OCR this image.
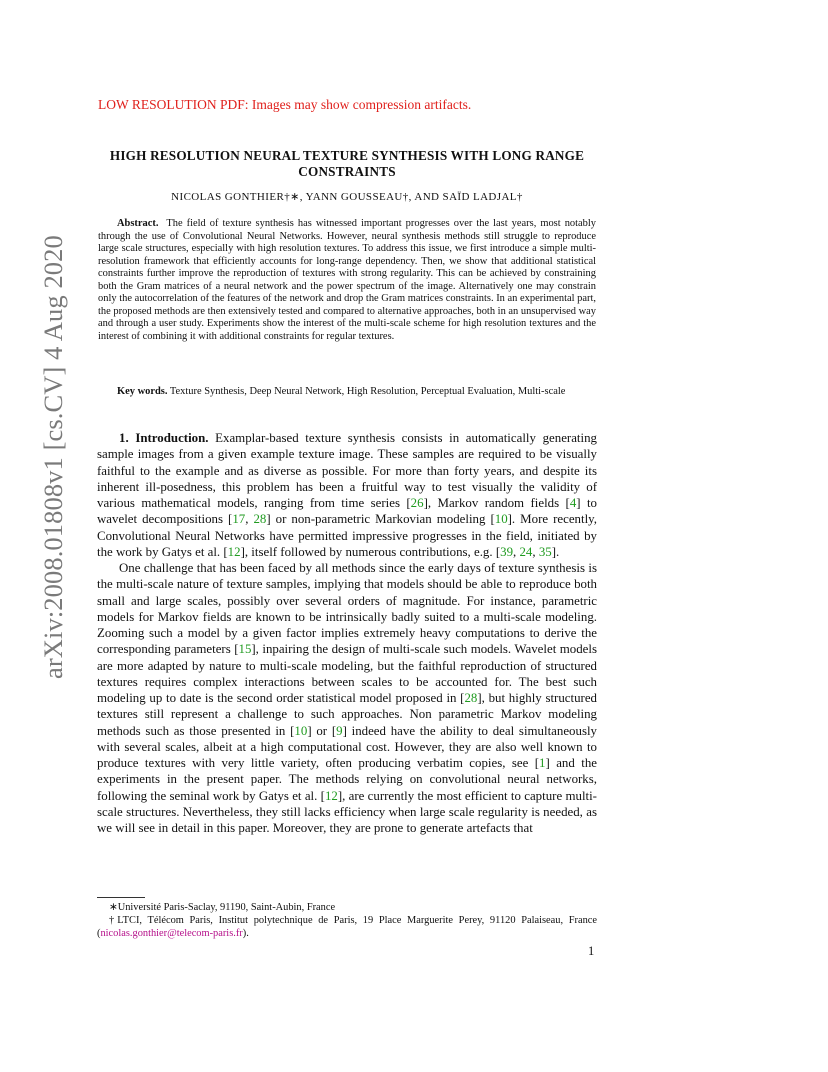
LOW RESOLUTION PDF: Images may show compression artifacts.
HIGH RESOLUTION NEURAL TEXTURE SYNTHESIS WITH LONG RANGE CONSTRAINTS
NICOLAS GONTHIER†∗, YANN GOUSSEAU†, AND SAÏD LADJAL†
Abstract. The field of texture synthesis has witnessed important progresses over the last years, most notably through the use of Convolutional Neural Networks. However, neural synthesis methods still struggle to reproduce large scale structures, especially with high resolution textures. To address this issue, we first introduce a simple multi-resolution framework that efficiently accounts for long-range dependency. Then, we show that additional statistical constraints further improve the reproduction of textures with strong regularity. This can be achieved by constraining both the Gram matrices of a neural network and the power spectrum of the image. Alternatively one may constrain only the autocorrelation of the features of the network and drop the Gram matrices constraints. In an experimental part, the proposed methods are then extensively tested and compared to alternative approaches, both in an unsupervised way and through a user study. Experiments show the interest of the multi-scale scheme for high resolution textures and the interest of combining it with additional constraints for regular textures.
Key words. Texture Synthesis, Deep Neural Network, High Resolution, Perceptual Evaluation, Multi-scale

1. Introduction. Examplar-based texture synthesis consists in automatically generating sample images from a given example texture image. These samples are required to be visually faithful to the example and as diverse as possible. For more than forty years, and despite its inherent ill-posedness, this problem has been a fruitful way to test visually the validity of various mathematical models, ranging from time series [26], Markov random fields [4] to wavelet decompositions [17, 28] or non-parametric Markovian modeling [10]. More recently, Convolutional Neural Networks have permitted impressive progresses in the field, initiated by the work by Gatys et al. [12], itself followed by numerous contributions, e.g. [39, 24, 35].

One challenge that has been faced by all methods since the early days of texture synthesis is the multi-scale nature of texture samples, implying that models should be able to reproduce both small and large scales, possibly over several orders of magnitude. For instance, parametric models for Markov fields are known to be intrinsically badly suited to a multi-scale modeling. Zooming such a model by a given factor implies extremely heavy computations to derive the corresponding parameters [15], inpairing the design of multi-scale such models. Wavelet models are more adapted by nature to multi-scale modeling, but the faithful reproduction of structured textures requires complex interactions between scales to be accounted for. The best such modeling up to date is the second order statistical model proposed in [28], but highly structured textures still represent a challenge to such approaches. Non parametric Markov modeling methods such as those presented in [10] or [9] indeed have the ability to deal simultaneously with several scales, albeit at a high computational cost. However, they are also well known to produce textures with very little variety, often producing verbatim copies, see [1] and the experiments in the present paper. The methods relying on convolutional neural networks, following the seminal work by Gatys et al. [12], are currently the most efficient to capture multi-scale structures. Nevertheless, they still lacks efficiency when large scale regularity is needed, as we will see in detail in this paper. Moreover, they are prone to generate artefacts that

∗Université Paris-Saclay, 91190, Saint-Aubin, France
†LTCI, Télécom Paris, Institut polytechnique de Paris, 19 Place Marguerite Perey, 91120 Palaiseau, France (nicolas.gonthier@telecom-paris.fr).
1
arXiv:2008.01808v1 [cs.CV] 4 Aug 2020
